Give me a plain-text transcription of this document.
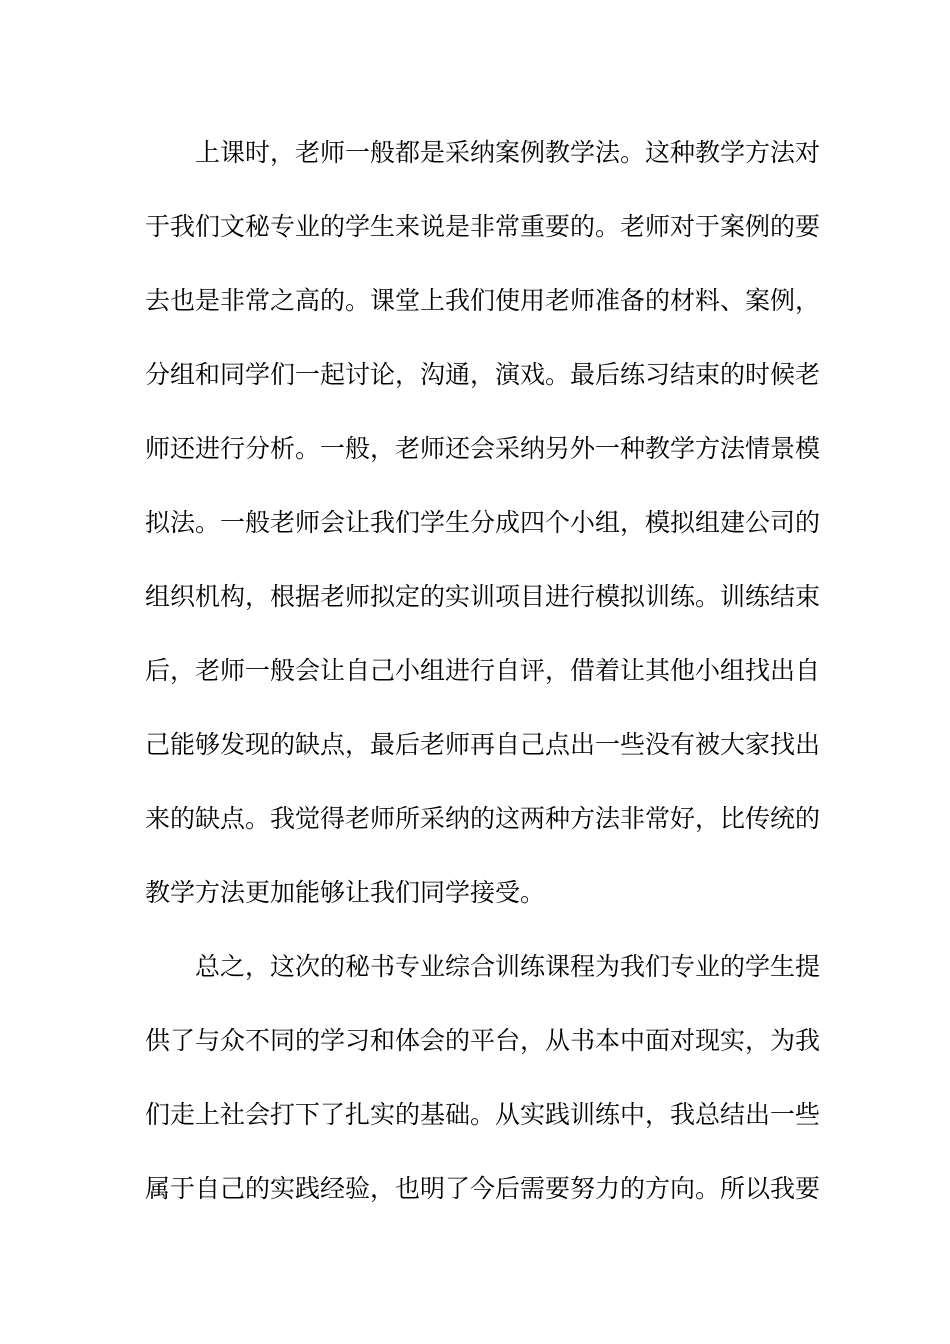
上课时，老师一般都是采纳案例教学法。这种教学方法对
于我们文秘专业的学生来说是非常重要的。老师对于案例的要
去也是非常之高的。课堂上我们使用老师准备的材料、案例，
分组和同学们一起讨论，沟通，演戏。最后练习结束的时候老
师还进行分析。一般，老师还会采纳另外一种教学方法情景模
拟法。一般老师会让我们学生分成四个小组，模拟组建公司的
组织机构，根据老师拟定的实训项目进行模拟训练。训练结束
后，老师一般会让自己小组进行自评，借着让其他小组找出自
己能够发现的缺点，最后老师再自己点出一些没有被大家找出
来的缺点。我觉得老师所采纳的这两种方法非常好，比传统的
教学方法更加能够让我们同学接受。
总之，这次的秘书专业综合训练课程为我们专业的学生提
供了与众不同的学习和体会的平台，从书本中面对现实，为我
们走上社会打下了扎实的基础。从实践训练中，我总结出一些
属于自己的实践经验，也明了今后需要努力的方向。所以我要
